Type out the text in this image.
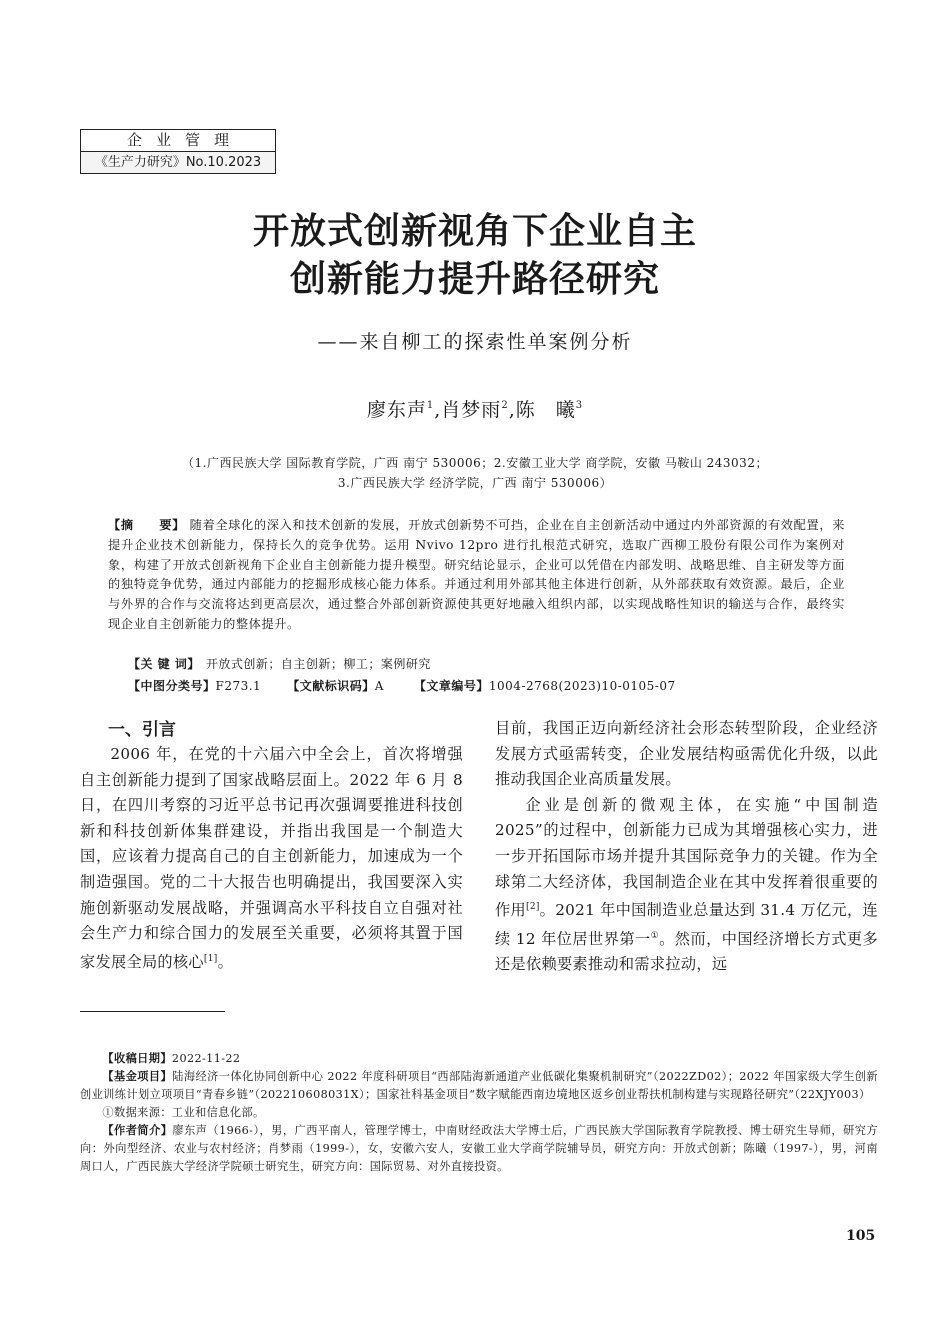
企业管理
《生产力研究》No.10.2023
开放式创新视角下企业自主
创新能力提升路径研究
——来自柳工的探索性单案例分析
廖东声$^1$,肖梦雨$^2$,陈　曦$^3$
（1.广西民族大学 国际教育学院，广西 南宁 530006；2.安徽工业大学 商学院，安徽 马鞍山 243032；
3.广西民族大学 经济学院，广西 南宁 530006）
【摘　　要】 随着全球化的深入和技术创新的发展，开放式创新势不可挡，企业在自主创新活动中通过内外部资源的有效配置，来提升企业技术创新能力，保持长久的竞争优势。运用 Nvivo 12pro 进行扎根范式研究，选取广西柳工股份有限公司作为案例对象，构建了开放式创新视角下企业自主创新能力提升模型。研究结论显示，企业可以凭借在内部发明、战略思维、自主研发等方面的独特竞争优势，通过内部能力的挖掘形成核心能力体系。并通过利用外部其他主体进行创新，从外部获取有效资源。最后，企业与外界的合作与交流将达到更高层次，通过整合外部创新资源使其更好地融入组织内部，以实现战略性知识的输送与合作，最终实现企业自主创新能力的整体提升。
【关 键 词】 开放式创新；自主创新；柳工；案例研究
【中图分类号】F273.1 【文献标识码】A	【文章编号】1004-2768(2023)10-0105-07
一、引言

2006 年，在党的十六届六中全会上，首次将增强自主创新能力提到了国家战略层面上。2022 年 6 月 8 日，在四川考察的习近平总书记再次强调要推进科技创新和科技创新体集群建设，并指出我国是一个制造大国，应该着力提高自己的自主创新能力，加速成为一个制造强国。党的二十大报告也明确提出，我国要深入实施创新驱动发展战略，并强调高水平科技自立自强对社会生产力和综合国力的发展至关重要，必须将其置于国家发展全局的核心[1]。

目前，我国正迈向新经济社会形态转型阶段，企业经济发展方式亟需转变，企业发展结构亟需优化升级，以此推动我国企业高质量发展。

企业是创新的微观主体，在实施“中国制造 2025”的过程中，创新能力已成为其增强核心实力，进一步开拓国际市场并提升其国际竞争力的关键。作为全球第二大经济体，我国制造企业在其中发挥着很重要的作用[2]。2021 年中国制造业总量达到 31.4 万亿元，连续 12 年位居世界第一①。然而，中国经济增长方式更多还是依赖要素推动和需求拉动，远

【收稿日期】2022-11-22

【基金项目】陆海经济一体化协同创新中心 2022 年度科研项目“西部陆海新通道产业低碳化集聚机制研究”（2022ZD02）；2022 年国家级大学生创新创业训练计划立项项目“青春乡链”（202210608031X）；国家社科基金项目“数字赋能西南边境地区返乡创业帮扶机制构建与实现路径研究”（22XJY003）

①数据来源：工业和信息化部。

【作者简介】廖东声（1966-），男，广西平南人，管理学博士，中南财经政法大学博士后，广西民族大学国际教育学院教授、博士研究生导师，研究方向：外向型经济、农业与农村经济；肖梦雨（1999-），女，安徽六安人，安徽工业大学商学院辅导员，研究方向：开放式创新；陈曦（1997-），男，河南周口人，广西民族大学经济学院硕士研究生，研究方向：国际贸易、对外直接投资。

105
